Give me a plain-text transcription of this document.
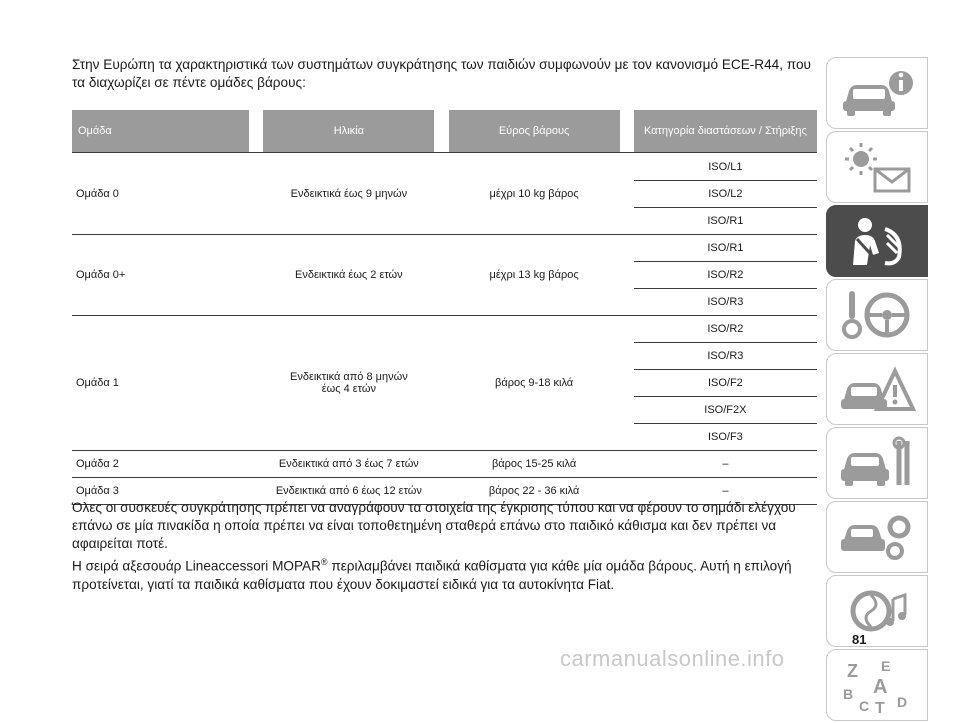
Στην Ευρώπη τα χαρακτηριστικά των συστημάτων συγκράτησης των παιδιών συμφωνούν με τον κανονισμό ECE-R44, που τα διαχωρίζει σε πέντε ομάδες βάρους:

Ομάδα		Ηλικία		Εύρος βάρους		Κατηγορία διαστάσεων / Στήριξης
Ομάδα 0		Ενδεικτικά έως 9 μηνών		μέχρι 10 kg βάρος		ISO/L1
						ISO/L2
						ISO/R1
Ομάδα 0+		Ενδεικτικά έως 2 ετών		μέχρι 13 kg βάρος		ISO/R1
						ISO/R2
						ISO/R3
Ομάδα 1		Ενδεικτικά από 8 μηνών έως 4 ετών		βάρος 9-18 κιλά		ISO/R2
						ISO/R3
						ISO/F2
						ISO/F2X
						ISO/F3
Ομάδα 2		Ενδεικτικά από 3 έως 7 ετών		βάρος 15-25 κιλά		–
Ομάδα 3		Ενδεικτικά από 6 έως 12 ετών		βάρος 22 - 36 κιλά		–

Όλες οι συσκευές συγκράτησης πρέπει να αναγράφουν τα στοιχεία της έγκρισης τύπου και να φέρουν το σημάδι ελέγχου επάνω σε μία πινακίδα η οποία πρέπει να είναι τοποθετημένη σταθερά επάνω στο παιδικό κάθισμα και δεν πρέπει να αφαιρείται ποτέ.

Η σειρά αξεσουάρ Lineaccessori MOPAR® περιλαμβάνει παιδικά καθίσματα για κάθε μία ομάδα βάρους. Αυτή η επιλογή προτείνεται, γιατί τα παιδικά καθίσματα που έχουν δοκιμαστεί ειδικά για τα αυτοκίνητα Fiat.

Z E
B A
C T D
81
carmanualsonline.info
